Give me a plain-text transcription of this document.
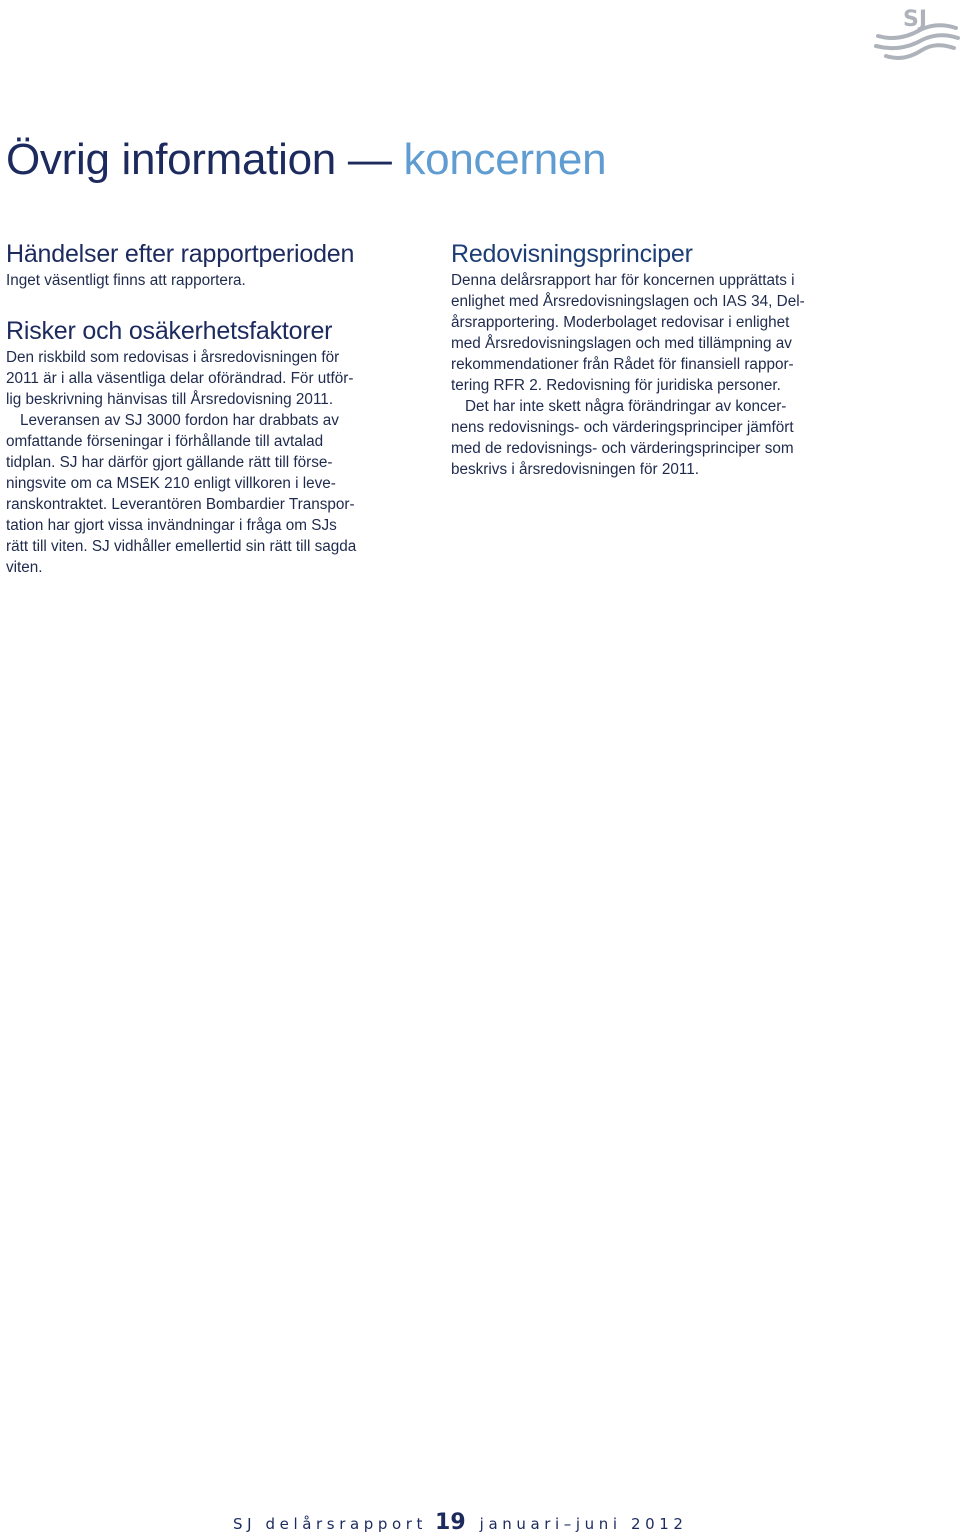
SJ
Övrig information — koncernen
Händelser efter rapportperioden

Inget väsentligt finns att rapportera.

Risker och osäkerhetsfaktorer

Den riskbild som redovisas i årsredovisningen för
2011 är i alla väsentliga delar oförändrad. För utför-
lig beskrivning hänvisas till Årsredovisning 2011.

Leveransen av SJ 3000 fordon har drabbats av
omfattande förseningar i förhållande till avtalad
tidplan. SJ har därför gjort gällande rätt till förse-
ningsvite om ca MSEK 210 enligt villkoren i leve-
ranskontraktet. Leverantören Bombardier Transpor-
tation har gjort vissa invändningar i fråga om SJs
rätt till viten. SJ vidhåller emellertid sin rätt till sagda
viten.

Redovisningsprinciper

Denna delårsrapport har för koncernen upprättats i
enlighet med Årsredovisningslagen och IAS 34, Del-
årsrapportering. Moderbolaget redovisar i enlighet
med Årsredovisningslagen och med tillämpning av
rekommendationer från Rådet för finansiell rappor-
tering RFR 2. Redovisning för juridiska personer.

Det har inte skett några förändringar av koncer-
nens redovisnings- och värderingsprinciper jämfört
med de redovisnings- och värderingsprinciper som
beskrivs i årsredovisningen för 2011.

SJ delårsrapport 19 januari–juni 2012
